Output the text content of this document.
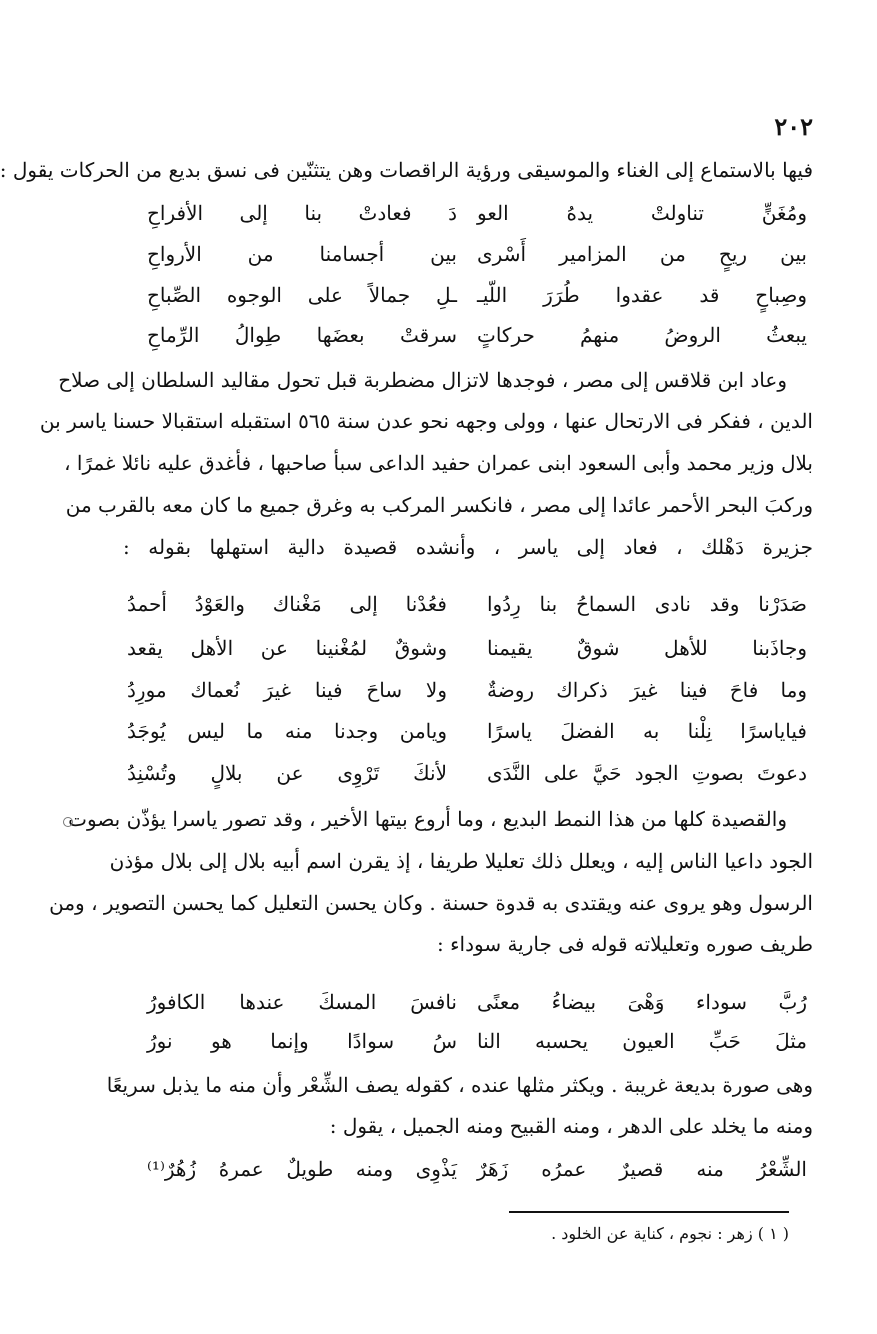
٢٠٢
فيها بالاستماع إلى الغناء والموسيقى ورؤية الراقصات وهن يتثنّين فى نسق بديع من الحركات يقول :
ومُغَنٍّ تناولتْ يدهُ العو
دَ فعادتْ بنا إلى الأفراحِ
بين ريحٍ من المزامير أَسْرى
بين أجسامنا من الأرواحِ
وصِباحٍ قد عقدوا طُرَرَ اللّيـ
ـلِ جمالاً على الوجوه الصِّباحِ
يبعثُ الروضُ منهمُ حركاتٍ
سرقتْ بعضَها طِوالُ الرِّماحِ
وعاد ابن قلاقس إلى مصر ، فوجدها لاتزال مضطربة قبل تحول مقاليد السلطان إلى صلاح
الدين ، ففكر فى الارتحال عنها ، وولى وجهه نحو عدن سنة ٥٦٥ استقبله استقبالا حسنا ياسر بن
بلال وزير محمد وأبى السعود ابنى عمران حفيد الداعى سبأ صاحبها ، فأغدق عليه نائلا غمرًا ،
وركبَ البحر الأحمر عائدا إلى مصر ، فانكسر المركب به وغرق جميع ما كان معه بالقرب من
جزيرة دَهْلك ، فعاد إلى ياسر ، وأنشده قصيدة دالية استهلها بقوله :
صَدَرْنا وقد نادى السماحُ بنا رِدُوا
فعُدْنا إلى مَغْناك والعَوْدُ أحمدُ
وجاذَبنا للأهل شوقٌ يقيمنا
وشوقٌ لمُغْنينا عن الأهل يقعد
وما فاحَ فينا غيرَ ذكراك روضةٌ
ولا ساحَ فينا غيرَ نُعماك مورِدُ
فياياسرًا نِلْنا به الفضلَ ياسرًا
ويامن وجدنا منه ما ليس يُوجَدُ
دعوتَ بصوتِ الجود حَيَّ على النَّدَى
لأنكَ تَرْوِى عن بلالٍ وتُسْنِدُ
والقصيدة كلها من هذا النمط البديع ، وما أروع بيتها الأخير ، وقد تصور ياسرا يؤذّن بصوت
الجود داعيا الناس إليه ، ويعلل ذلك تعليلا طريفا ، إذ يقرن اسم أبيه بلال إلى بلال مؤذن
الرسول وهو يروى عنه ويقتدى به قدوة حسنة . وكان يحسن التعليل كما يحسن التصوير ، ومن
طريف صوره وتعليلاته قوله فى جارية سوداء :
رُبَّ سوداء وَهْىَ بيضاءُ معنًى
نافسَ المسكَ عندها الكافورُ
مثلَ حَبِّ العيون يحسبه النا
سُ سوادًا وإنما هو نورُ
وهى صورة بديعة غريبة . ويكثر مثلها عنده ، كقوله يصف الشِّعْر وأن منه ما يذبل سريعًا
ومنه ما يخلد على الدهر ، ومنه القبيح ومنه الجميل ، يقول :
الشِّعْرُ منه قصيرٌ عمرُه زَهَرٌ
يَذْوِى ومنه طويلٌ عمرهُ زُهُرٌ⁽¹⁾
( ١ ) زهر : نجوم ، كناية عن الخلود .
